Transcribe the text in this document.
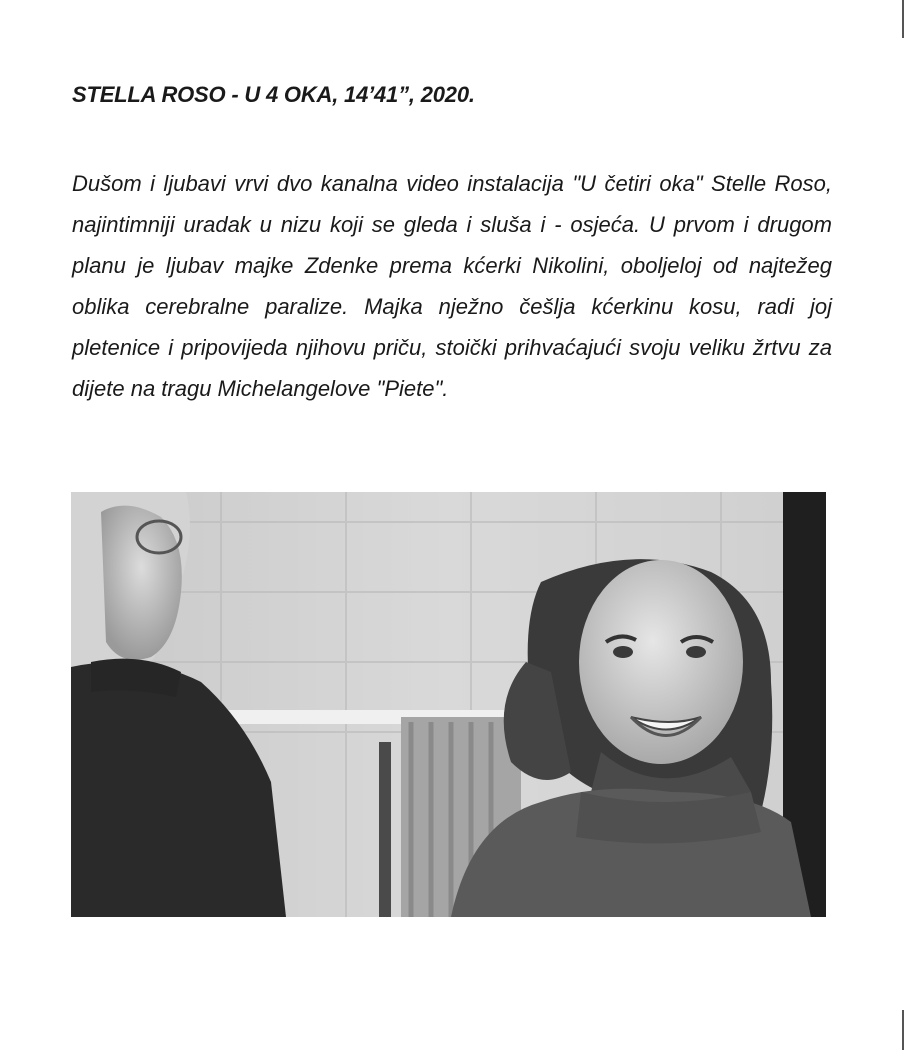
STELLA ROSO - U 4 OKA, 14’41”, 2020.

Dušom i ljubavi vrvi dvo kanalna video instalacija "U četiri oka" Stelle Roso, najintimniji uradak u nizu koji se gleda i sluša i - osjeća. U prvom i drugom planu je ljubav majke Zdenke prema kćerki Nikolini, oboljeloj od najtežeg oblika cerebralne paralize. Majka nježno češlja kćerkinu kosu, radi joj pletenice i pripovijeda njihovu priču, stoički prihvaćajući svoju veliku žrtvu za dijete na tragu Michelangelove "Piete".
